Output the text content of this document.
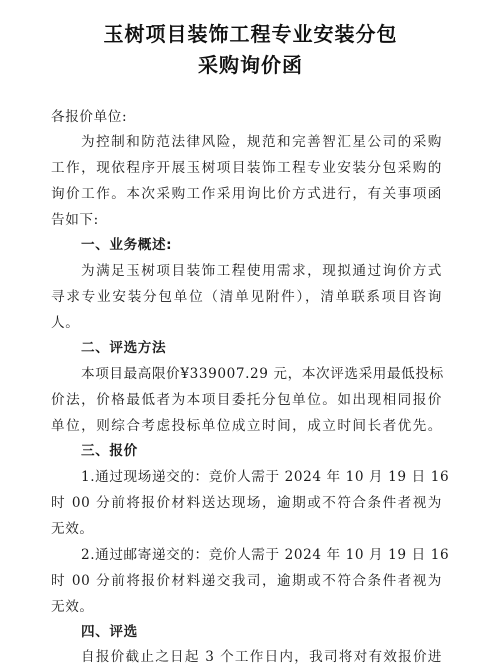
玉树项目装饰工程专业安装分包
采购询价函
各报价单位:
为控制和防范法律风险，规范和完善智汇星公司的采购
工作，现依程序开展玉树项目装饰工程专业安装分包采购的
询价工作。本次采购工作采用询比价方式进行，有关事项函
告如下:
一、业务概述:
为满足玉树项目装饰工程使用需求，现拟通过询价方式
寻求专业安装分包单位（清单见附件），清单联系项目咨询
人。
二、评选方法
本项目最高限价¥339007.29 元，本次评选采用最低投标
价法，价格最低者为本项目委托分包单位。如出现相同报价
单位，则综合考虑投标单位成立时间，成立时间长者优先。
三、报价
1.通过现场递交的：竞价人需于 2024 年 10 月 19 日 16
时 00 分前将报价材料送达现场，逾期或不符合条件者视为
无效。
2.通过邮寄递交的：竞价人需于 2024 年 10 月 19 日 16
时 00 分前将报价材料递交我司，逾期或不符合条件者视为
无效。
四、评选
自报价截止之日起 3 个工作日内，我司将对有效报价进
